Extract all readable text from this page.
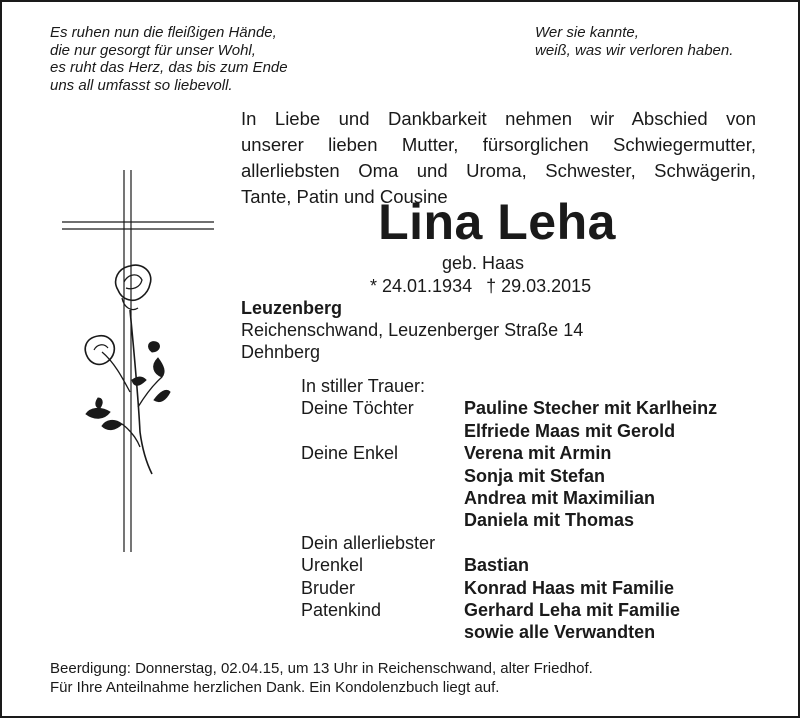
Es ruhen nun die fleißigen Hände,
die nur gesorgt für unser Wohl,
es ruht das Herz, das bis zum Ende
uns all umfasst so liebevoll.
Wer sie kannte,
weiß, was wir verloren haben.
In Liebe und Dankbarkeit nehmen wir Abschied von
unserer lieben Mutter, fürsorglichen Schwiegermutter,
allerliebsten Oma und Uroma, Schwester, Schwägerin,
Tante, Patin und Cousine
Lina Leha
geb. Haas
* 24.01.1934 † 29.03.2015
Leuzenberg
Reichenschwand, Leuzenberger Straße 14
Dehnberg
In stiller Trauer:
Deine Töchter	Pauline Stecher mit Karlheinz
Elfriede Maas mit Gerold
Deine Enkel	Verena mit Armin
Sonja mit Stefan
Andrea mit Maximilian
Daniela mit Thomas
Dein allerliebster
Urenkel	Bastian
Bruder	Konrad Haas mit Familie
Patenkind	Gerhard Leha mit Familie
sowie alle Verwandten
Beerdigung: Donnerstag, 02.04.15, um 13 Uhr in Reichenschwand, alter Friedhof.
Für Ihre Anteilnahme herzlichen Dank. Ein Kondolenzbuch liegt auf.
